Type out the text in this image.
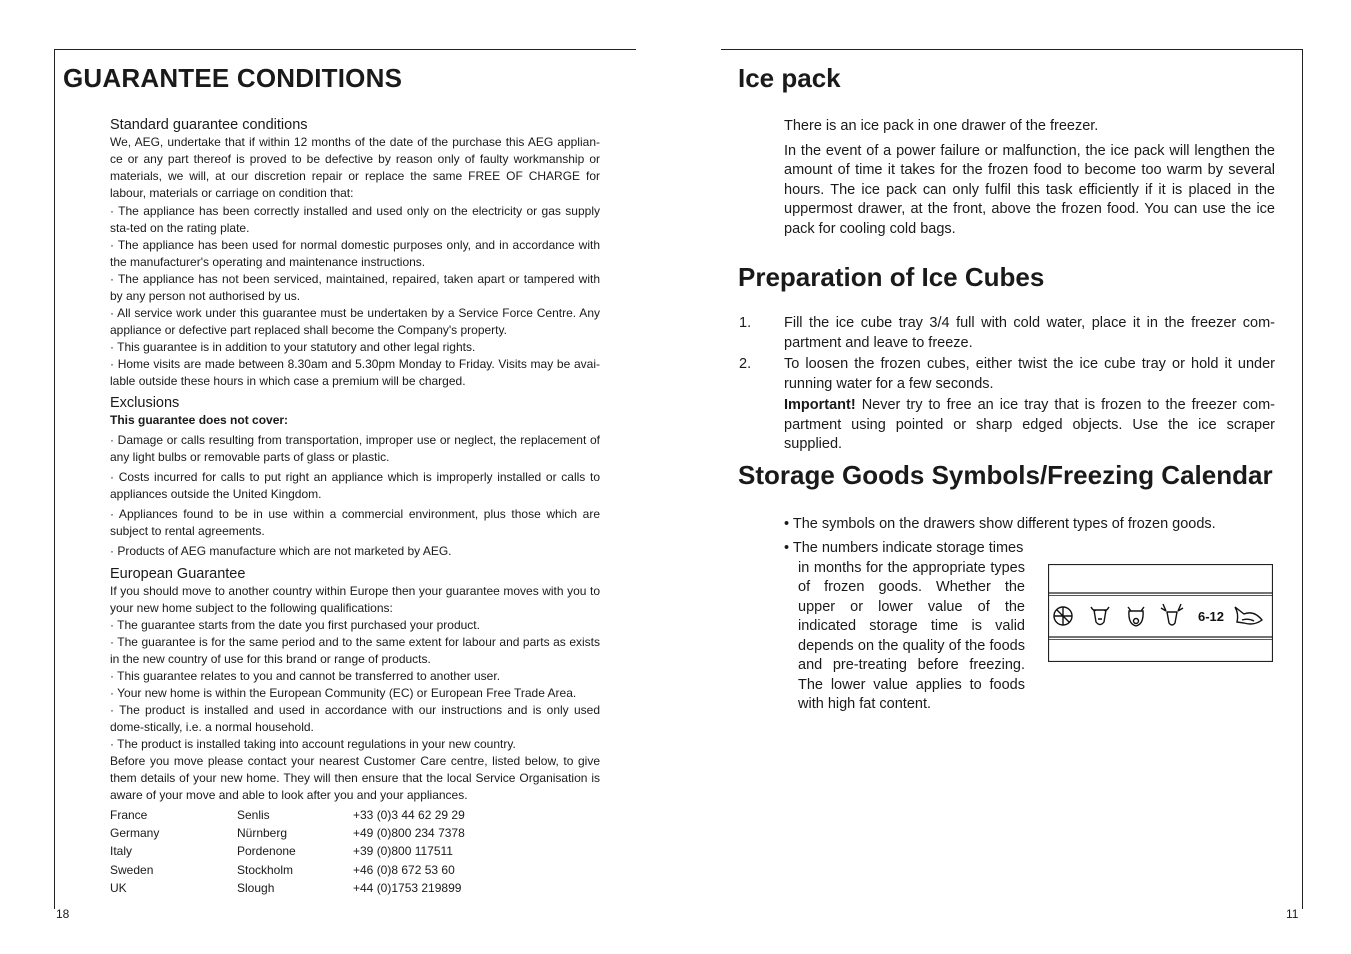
GUARANTEE CONDITIONS
Standard guarantee conditions

We, AEG, undertake that if within 12 months of the date of the purchase this AEG applian-ce or any part thereof is proved to be defective by reason only of faulty workmanship or materials, we will, at our discretion repair or replace the same FREE OF CHARGE for labour, materials or carriage on condition that:

· The appliance has been correctly installed and used only on the electricity or gas supply sta-ted on the rating plate.

· The appliance has been used for normal domestic purposes only, and in accordance with the manufacturer's operating and maintenance instructions.

· The appliance has not been serviced, maintained, repaired, taken apart or tampered with by any person not authorised by us.

· All service work under this guarantee must be undertaken by a Service Force Centre. Any appliance or defective part replaced shall become the Company's property.

· This guarantee is in addition to your statutory and other legal rights.

· Home visits are made between 8.30am and 5.30pm Monday to Friday. Visits may be avai-lable outside these hours in which case a premium will be charged.

Exclusions

This guarantee does not cover:

· Damage or calls resulting from transportation, improper use or neglect, the replacement of any light bulbs or removable parts of glass or plastic.

· Costs incurred for calls to put right an appliance which is improperly installed or calls to appliances outside the United Kingdom.

· Appliances found to be in use within a commercial environment, plus those which are subject to rental agreements.

· Products of AEG manufacture which are not marketed by AEG.

European Guarantee

If you should move to another country within Europe then your guarantee moves with you to your new home subject to the following qualifications:

· The guarantee starts from the date you first purchased your product.

· The guarantee is for the same period and to the same extent for labour and parts as exists in the new country of use for this brand or range of products.

· This guarantee relates to you and cannot be transferred to another user.

· Your new home is within the European Community (EC) or European Free Trade Area.

· The product is installed and used in accordance with our instructions and is only used dome-stically, i.e. a normal household.

· The product is installed taking into account regulations in your new country.

Before you move please contact your nearest Customer Care centre, listed below, to give them details of your new home. They will then ensure that the local Service Organisation is aware of your move and able to look after you and your appliances.

France	Senlis	+33 (0)3 44 62 29 29
Germany	Nürnberg	+49 (0)800 234 7378
Italy	Pordenone	+39 (0)800 117511
Sweden	Stockholm	+46 (0)8 672 53 60
UK	Slough	+44 (0)1753 219899
18
Ice pack
There is an ice pack in one drawer of the freezer.
In the event of a power failure or malfunction, the ice pack will lengthen the amount of time it takes for the frozen food to become too warm by several hours. The ice pack can only fulfil this task efficiently if it is placed in the uppermost drawer, at the front, above the frozen food. You can use the ice pack for cooling cold bags.
Preparation of Ice Cubes
1.	Fill the ice cube tray 3/4 full with cold water, place it in the freezer com-partment and leave to freeze.
2.	To loosen the frozen cubes, either twist the ice cube tray or hold it under running water for a few seconds.
Important! Never try to free an ice tray that is frozen to the freezer com-partment using pointed or sharp edged objects. Use the ice scraper supplied.
Storage Goods Symbols/Freezing Calendar
• The symbols on the drawers show different types of frozen goods.
• The numbers indicate storage times
in months for the appropriate types of frozen goods. Whether the upper or lower value of the indicated storage time is valid depends on the quality of the foods and pre-treating before freezing. The lower value applies to foods with high fat content.
6-12
11
